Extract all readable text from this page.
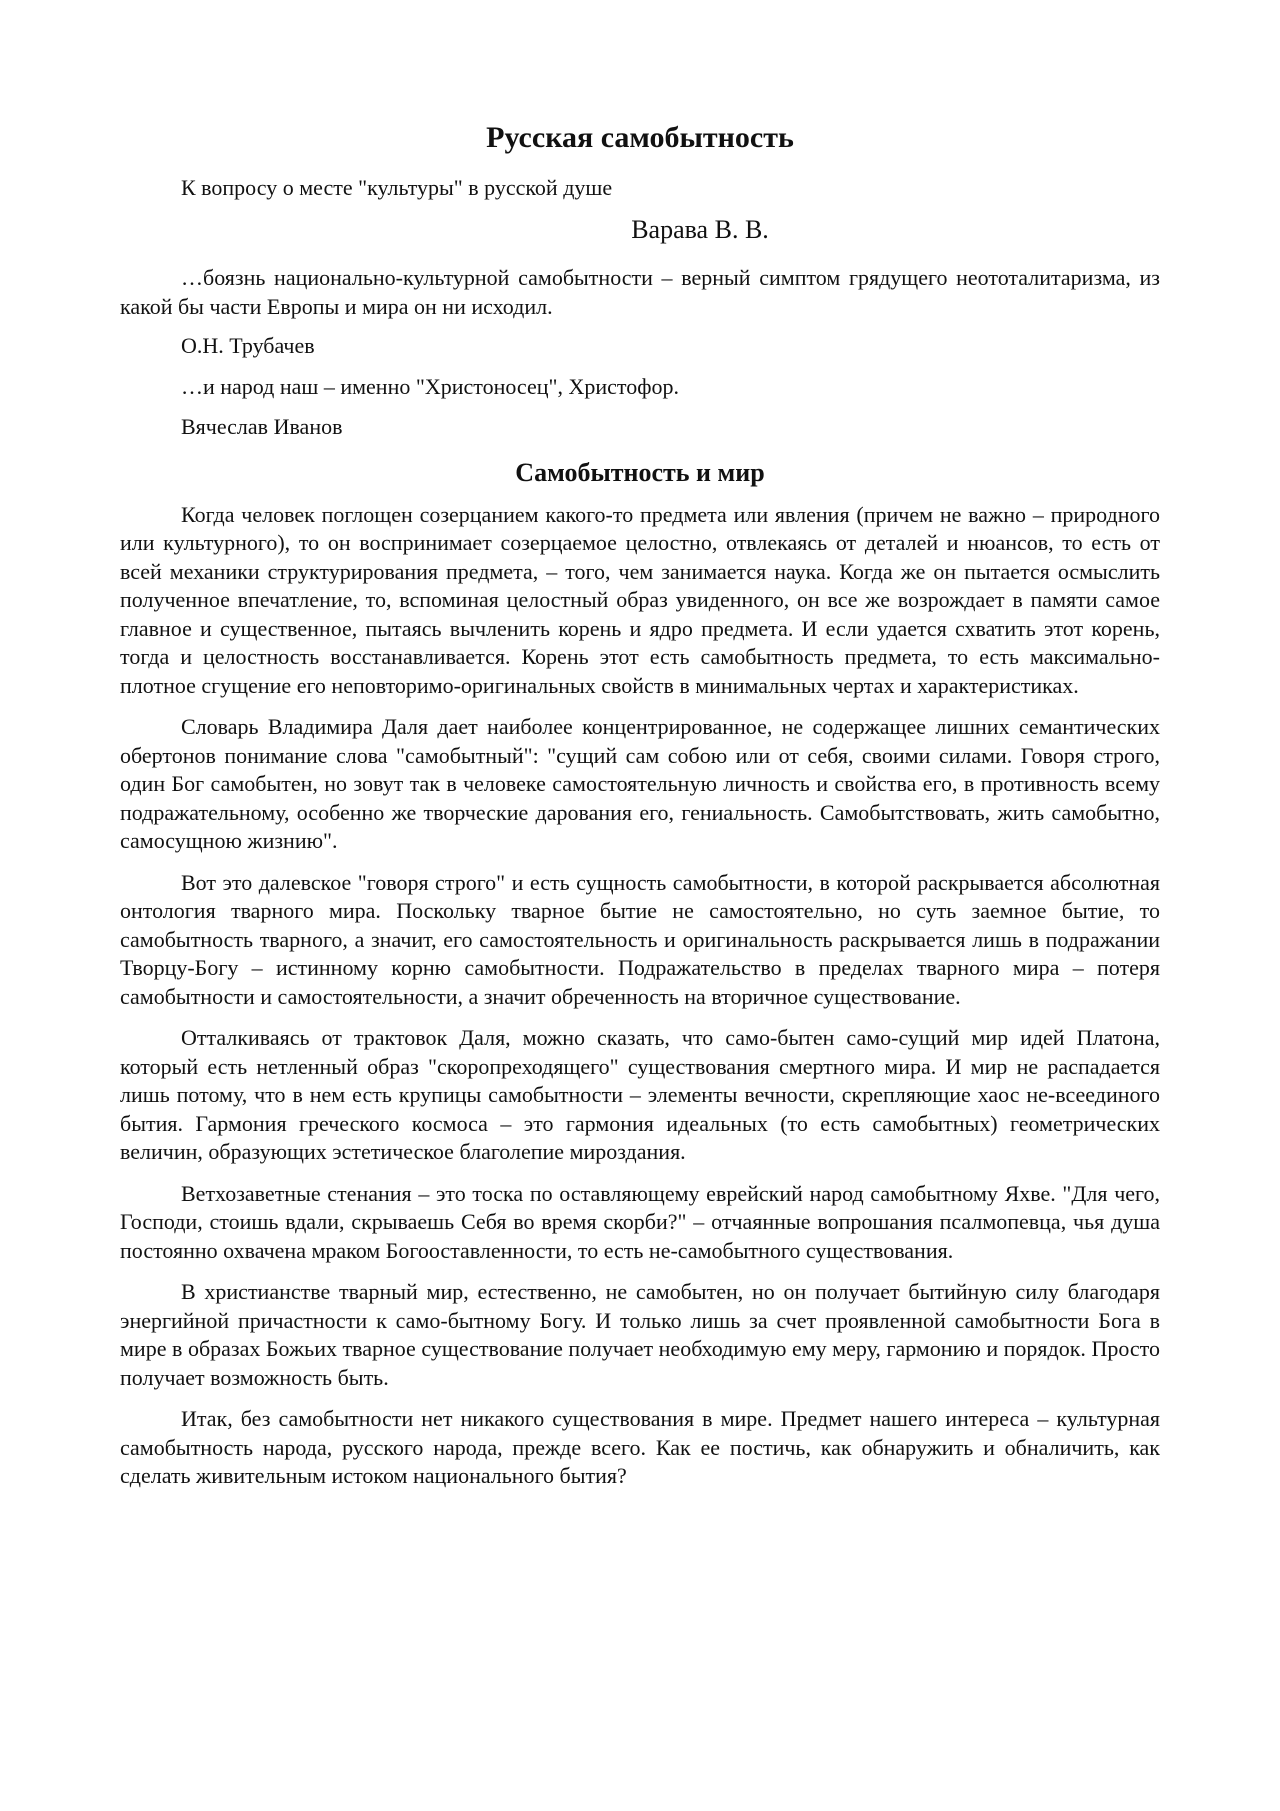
Русская самобытность
К вопросу о месте "культуры" в русской душе
Варава В. В.
…боязнь национально-культурной самобытности – верный симптом грядущего неототалитаризма, из какой бы части Европы и мира он ни исходил.
О.Н. Трубачев
…и народ наш – именно "Христоносец", Христофор.
Вячеслав Иванов
Самобытность и мир

Когда человек поглощен созерцанием какого-то предмета или явления (причем не важно – природного или культурного), то он воспринимает созерцаемое целостно, отвлекаясь от деталей и нюансов, то есть от всей механики структурирования предмета, – того, чем занимается наука. Когда же он пытается осмыслить полученное впечатление, то, вспоминая целостный образ увиденного, он все же возрождает в памяти самое главное и существенное, пытаясь вычленить корень и ядро предмета. И если удается схватить этот корень, тогда и целостность восстанавливается. Корень этот есть самобытность предмета, то есть максимально-плотное сгущение его неповторимо-оригинальных свойств в минимальных чертах и характеристиках.

Словарь Владимира Даля дает наиболее концентрированное, не содержащее лишних семантических обертонов понимание слова "самобытный": "сущий сам собою или от себя, своими силами. Говоря строго, один Бог самобытен, но зовут так в человеке самостоятельную личность и свойства его, в противность всему подражательному, особенно же творческие дарования его, гениальность. Самобытствовать, жить самобытно, самосущною жизнию".

Вот это далевское "говоря строго" и есть сущность самобытности, в которой раскрывается абсолютная онтология тварного мира. Поскольку тварное бытие не самостоятельно, но суть заемное бытие, то самобытность тварного, а значит, его самостоятельность и оригинальность раскрывается лишь в подражании Творцу-Богу – истинному корню самобытности. Подражательство в пределах тварного мира – потеря самобытности и самостоятельности, а значит обреченность на вторичное существование.

Отталкиваясь от трактовок Даля, можно сказать, что само-бытен само-сущий мир идей Платона, который есть нетленный образ "скоропреходящего" существования смертного мира. И мир не распадается лишь потому, что в нем есть крупицы самобытности – элементы вечности, скрепляющие хаос не-всеединого бытия. Гармония греческого космоса – это гармония идеальных (то есть самобытных) геометрических величин, образующих эстетическое благолепие мироздания.

Ветхозаветные стенания – это тоска по оставляющему еврейский народ самобытному Яхве. "Для чего, Господи, стоишь вдали, скрываешь Себя во время скорби?" – отчаянные вопрошания псалмопевца, чья душа постоянно охвачена мраком Богооставленности, то есть не-самобытного существования.

В христианстве тварный мир, естественно, не самобытен, но он получает бытийную силу благодаря энергийной причастности к само-бытному Богу. И только лишь за счет проявленной самобытности Бога в мире в образах Божьих тварное существование получает необходимую ему меру, гармонию и порядок. Просто получает возможность быть.

Итак, без самобытности нет никакого существования в мире. Предмет нашего интереса – культурная самобытность народа, русского народа, прежде всего. Как ее постичь, как обнаружить и обналичить, как сделать живительным истоком национального бытия?
